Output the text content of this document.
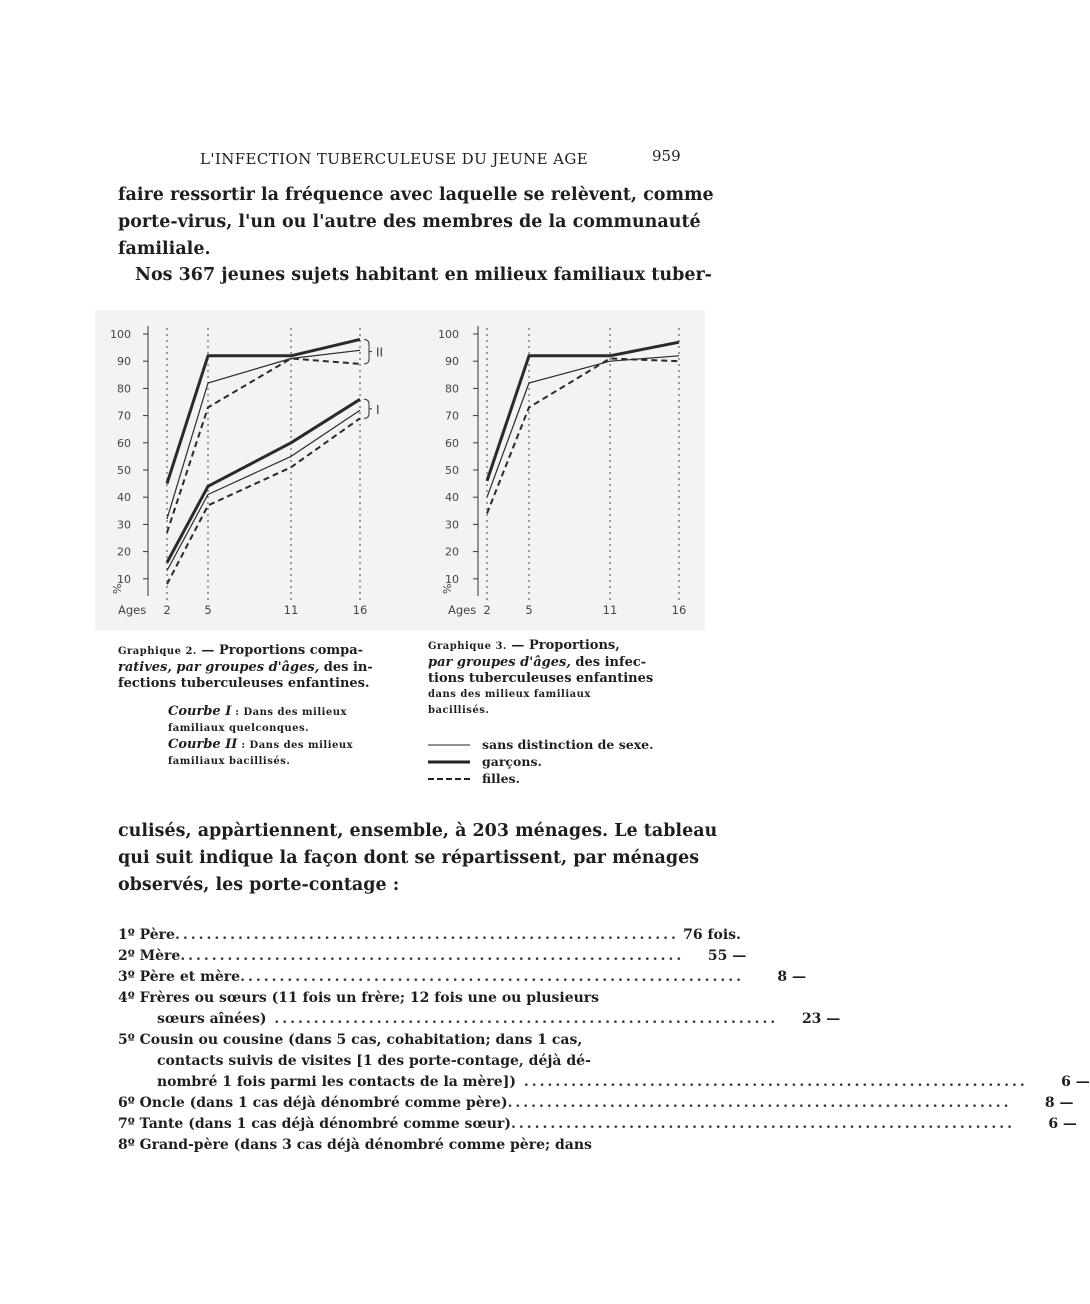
L'INFECTION TUBERCULEUSE DU JEUNE AGE	959
faire ressortir la fréquence avec laquelle se relèvent, comme
porte-virus, l'un ou l'autre des membres de la communauté
familiale.
Nos 367 jeunes sujets habitant en milieux familiaux tuber-
100
90
80
70
60
50
40
30
20
10
%
Ages 2	5	11	16
II
I
100
90
80
70
60
50
40
30
20
10
%
Ages 2	5	11	16
Graphique 2. — Proportions compa-
ratives, par groupes d'âges, des in-
fections tuberculeuses enfantines.
Courbe I : Dans des milieux
familiaux quelconques.
Courbe II : Dans des milieux
familiaux bacillisés.
Graphique 3. — Proportions,
par groupes d'âges, des infec-
tions tuberculeuses enfantines
dans des milieux familiaux
bacillisés.
sans distinction de sexe.
garçons.
filles.
culisés, appàrtiennent, ensemble, à 203 ménages. Le tableau
qui suit indique la façon dont se répartissent, par ménages
observés, les porte-contage :
1º Père ................................................................ 76 fois.
2º Mère ................................................................	55 —
3º Père et mère ................................................................	8 —
4º Frères ou sœurs (11 fois un frère; 12 fois une ou plusieurs
sœurs aînées) ................................................................	23 —
5º Cousin ou cousine (dans 5 cas, cohabitation; dans 1 cas,
contacts suivis de visites [1 des porte-contage, déjà dé-
nombré 1 fois parmi les contacts de la mère]) ................................................................	6 —
6º Oncle (dans 1 cas déjà dénombré comme père) ................................................................	8 —
7º Tante (dans 1 cas déjà dénombré comme sœur) ................................................................	6 —
8º Grand-père (dans 3 cas déjà dénombré comme père; dans
